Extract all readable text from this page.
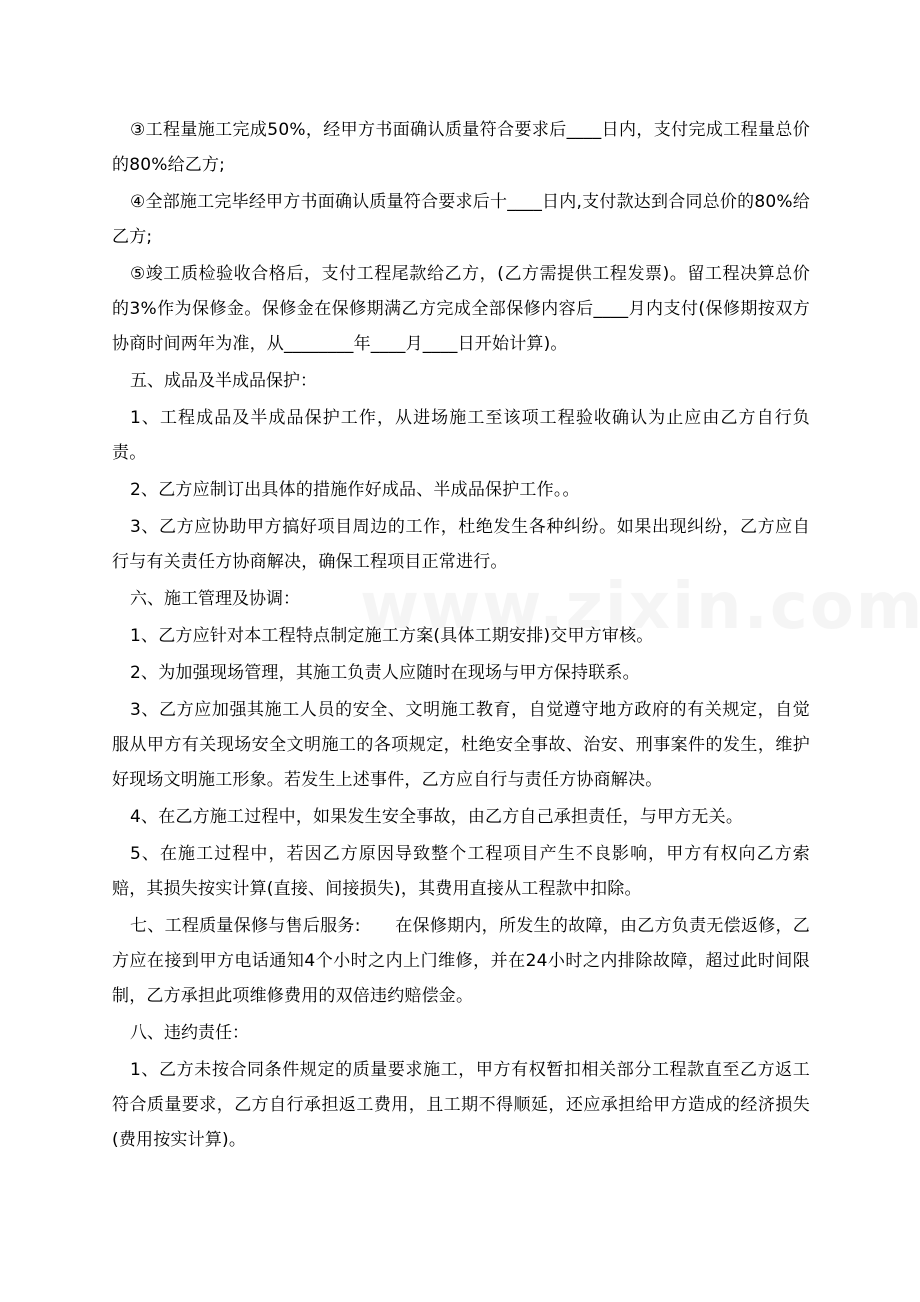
③工程量施工完成50%，经甲方书面确认质量符合要求后____日内，支付完成工程量总价的80%给乙方;

④全部施工完毕经甲方书面确认质量符合要求后十____日内,支付款达到合同总价的80%给乙方;

⑤竣工质检验收合格后，支付工程尾款给乙方，(乙方需提供工程发票)。留工程决算总价的3%作为保修金。保修金在保修期满乙方完成全部保修内容后____月内支付(保修期按双方协商时间两年为准，从________年____月____日开始计算)。

五、成品及半成品保护：

1、工程成品及半成品保护工作，从进场施工至该项工程验收确认为止应由乙方自行负责。

2、乙方应制订出具体的措施作好成品、半成品保护工作。。

3、乙方应协助甲方搞好项目周边的工作，杜绝发生各种纠纷。如果出现纠纷，乙方应自行与有关责任方协商解决，确保工程项目正常进行。

六、施工管理及协调：

1、乙方应针对本工程特点制定施工方案(具体工期安排)交甲方审核。

2、为加强现场管理，其施工负责人应随时在现场与甲方保持联系。

3、乙方应加强其施工人员的安全、文明施工教育，自觉遵守地方政府的有关规定，自觉服从甲方有关现场安全文明施工的各项规定，杜绝安全事故、治安、刑事案件的发生，维护好现场文明施工形象。若发生上述事件，乙方应自行与责任方协商解决。

4、在乙方施工过程中，如果发生安全事故，由乙方自己承担责任，与甲方无关。

5、在施工过程中，若因乙方原因导致整个工程项目产生不良影响，甲方有权向乙方索赔，其损失按实计算(直接、间接损失)，其费用直接从工程款中扣除。

七、工程质量保修与售后服务:　　在保修期内，所发生的故障，由乙方负责无偿返修，乙方应在接到甲方电话通知4个小时之内上门维修，并在24小时之内排除故障，超过此时间限制，乙方承担此项维修费用的双倍违约赔偿金。

八、违约责任：

1、乙方未按合同条件规定的质量要求施工，甲方有权暂扣相关部分工程款直至乙方返工符合质量要求，乙方自行承担返工费用，且工期不得顺延，还应承担给甲方造成的经济损失(费用按实计算)。
